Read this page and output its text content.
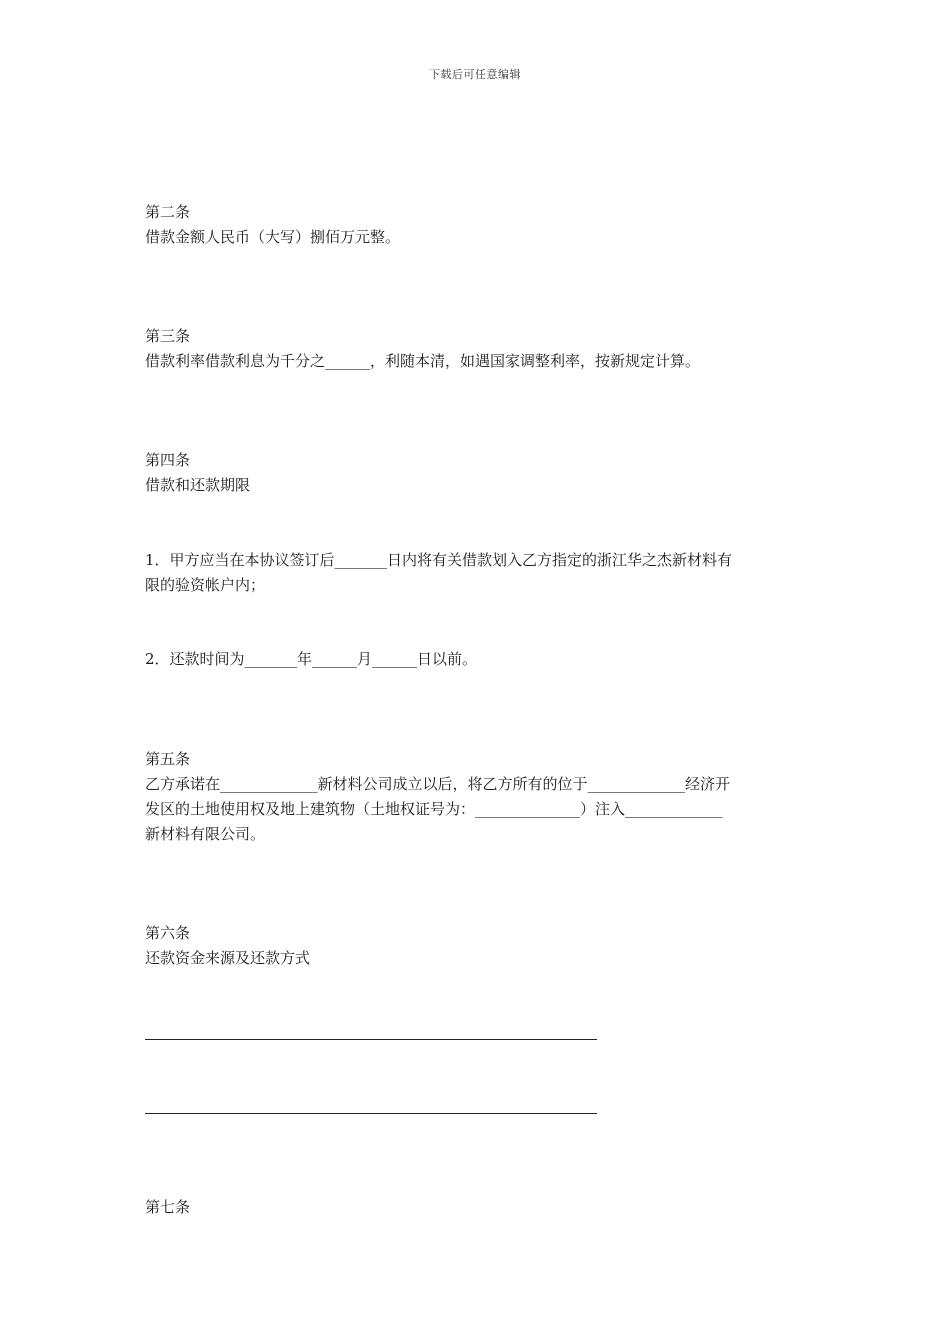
下载后可任意编辑
第二条
借款金额人民币（大写）捌佰万元整。
第三条
借款利率借款利息为千分之______，利随本清，如遇国家调整利率，按新规定计算。
第四条
借款和还款期限
1．甲方应当在本协议签订后_______日内将有关借款划入乙方指定的浙江华之杰新材料有
限的验资帐户内；
2．还款时间为_______年______月______日以前。
第五条
乙方承诺在_____________新材料公司成立以后，将乙方所有的位于_____________经济开
发区的土地使用权及地上建筑物（土地权证号为：______________）注入_____________
新材料有限公司。
第六条
还款资金来源及还款方式
第七条
